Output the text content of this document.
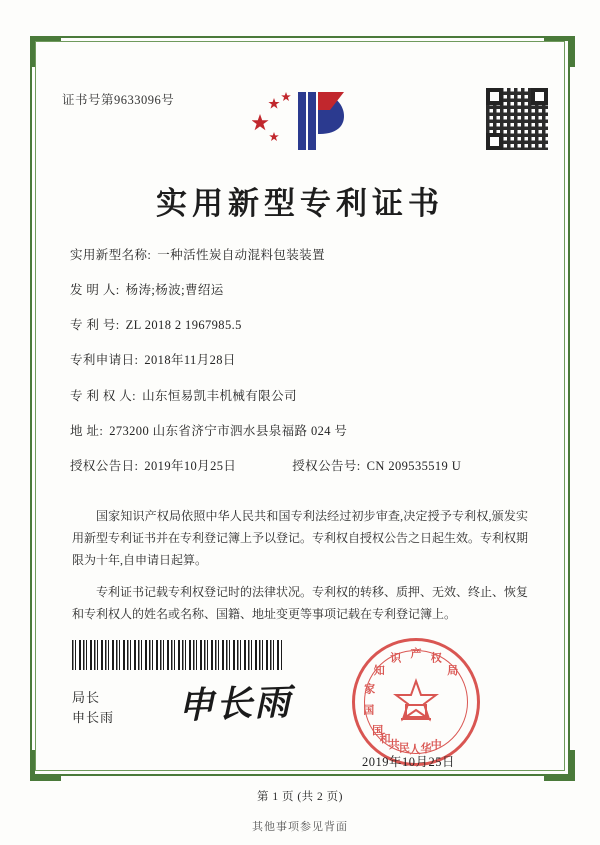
证书号第9633096号
实用新型专利证书
实用新型名称: 一种活性炭自动混料包装装置
发 明 人: 杨涛;杨波;曹绍运
专 利 号: ZL 2018 2 1967985.5
专利申请日: 2018年11月28日
专 利 权 人: 山东恒易凯丰机械有限公司
地 址: 273200 山东省济宁市泗水县泉福路 024 号
授权公告日: 2019年10月25日	授权公告号: CN 209535519 U

国家知识产权局依照中华人民共和国专利法经过初步审查,决定授予专利权,颁发实用新型专利证书并在专利登记簿上予以登记。专利权自授权公告之日起生效。专利权期限为十年,自申请日起算。

专利证书记载专利权登记时的法律状况。专利权的转移、质押、无效、终止、恢复和专利权人的姓名或名称、国籍、地址变更等事项记载在专利登记簿上。

局长
申长雨 申长雨	国
家
知
识 产 权
局
中
华
人
民
共
和
国
2019年10月25日
第 1 页 (共 2 页)
其他事项参见背面
